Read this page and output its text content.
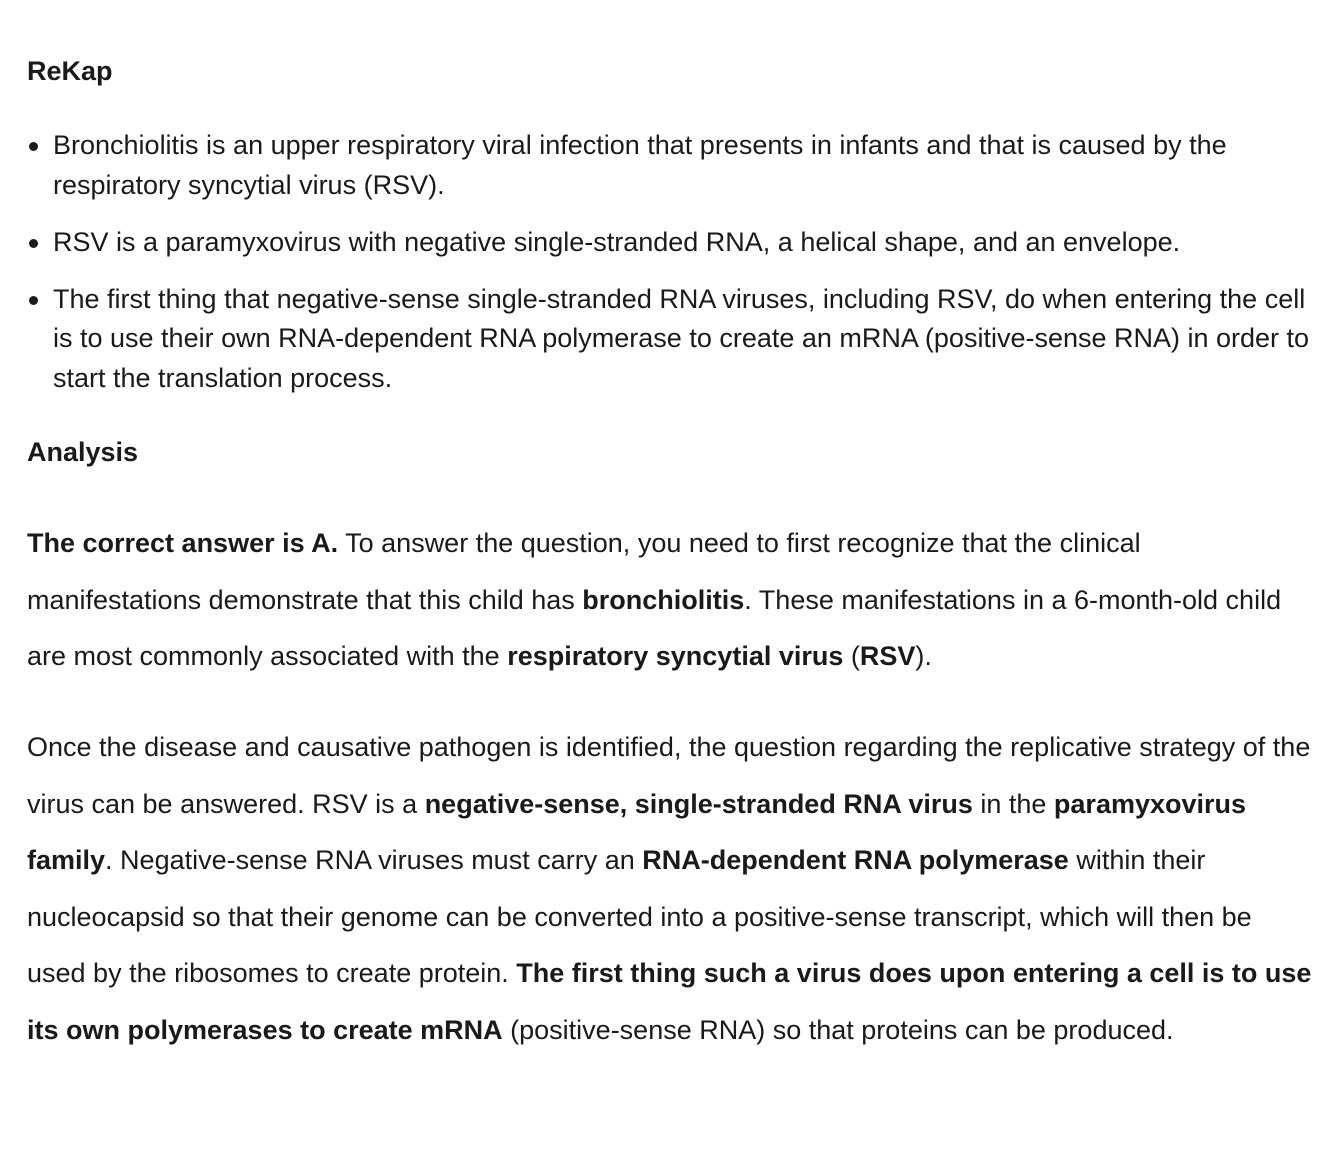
ReKap
Bronchiolitis is an upper respiratory viral infection that presents in infants and that is caused by the respiratory syncytial virus (RSV).
RSV is a paramyxovirus with negative single-stranded RNA, a helical shape, and an envelope.
The first thing that negative-sense single-stranded RNA viruses, including RSV, do when entering the cell is to use their own RNA-dependent RNA polymerase to create an mRNA (positive-sense RNA) in order to start the translation process.
Analysis

The correct answer is A. To answer the question, you need to first recognize that the clinical manifestations demonstrate that this child has bronchiolitis. These manifestations in a 6-month-old child are most commonly associated with the respiratory syncytial virus (RSV).

Once the disease and causative pathogen is identified, the question regarding the replicative strategy of the virus can be answered. RSV is a negative-sense, single-stranded RNA virus in the paramyxovirus family. Negative-sense RNA viruses must carry an RNA-dependent RNA polymerase within their nucleocapsid so that their genome can be converted into a positive-sense transcript, which will then be used by the ribosomes to create protein. The first thing such a virus does upon entering a cell is to use its own polymerases to create mRNA (positive-sense RNA) so that proteins can be produced.
